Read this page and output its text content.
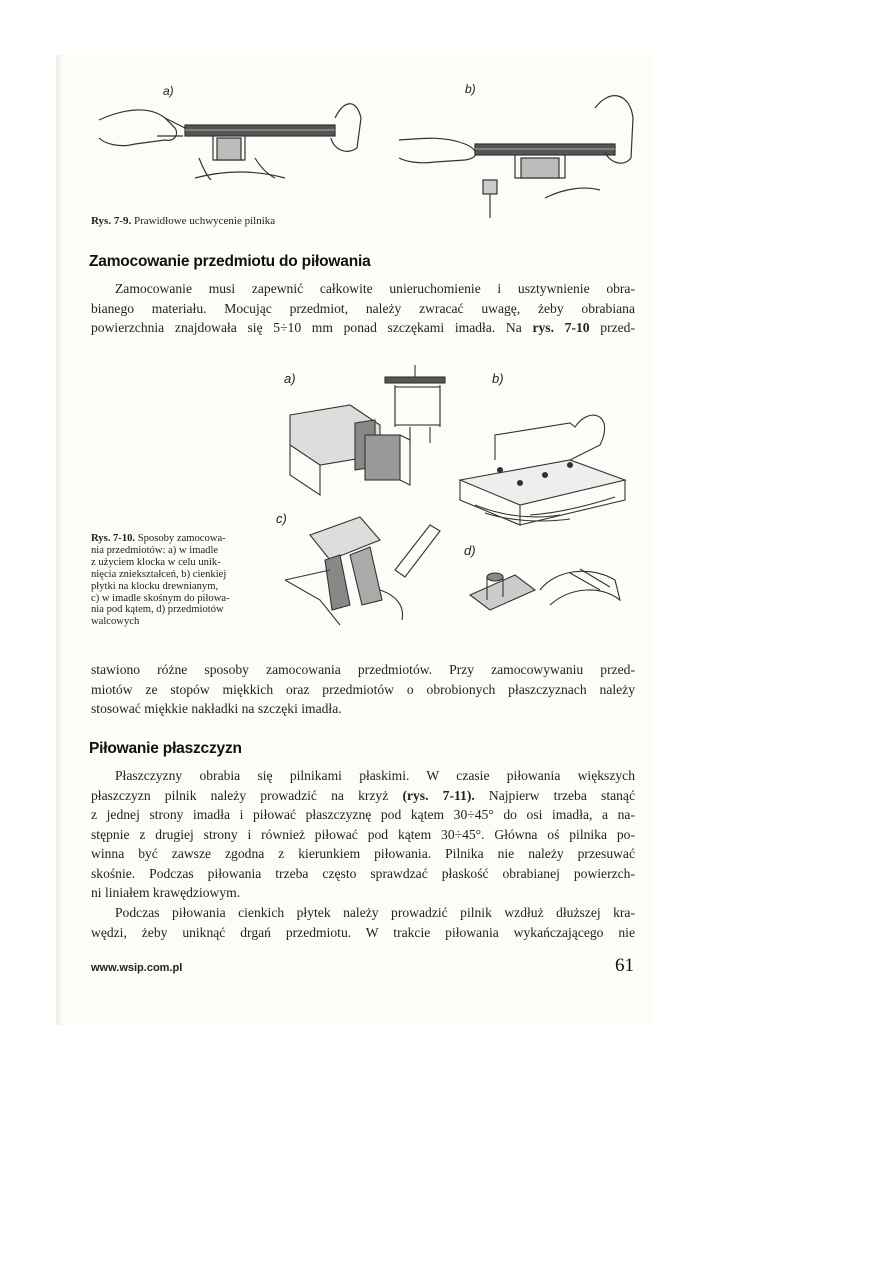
a)	b)
Rys. 7-9. Prawidłowe uchwycenie pilnika
Zamocowanie przedmiotu do piłowania
Zamocowanie musi zapewnić całkowite unieruchomienie i usztywnienie obra-
bianego materiału. Mocując przedmiot, należy zwracać uwagę, żeby obrabiana
powierzchnia znajdowała się 5÷10 mm ponad szczękami imadła. Na rys. 7-10 przed-
a)	b)
c)
d)
Rys. 7-10. Sposoby zamocowa-
nia przedmiotów: a) w imadle
z użyciem klocka w celu unik-
nięcia zniekształceń, b) cienkiej
płytki na klocku drewnianym,
c) w imadle skośnym do piłowa-
nia pod kątem, d) przedmiotów
walcowych
stawiono różne sposoby zamocowania przedmiotów. Przy zamocowywaniu przed-
miotów ze stopów miękkich oraz przedmiotów o obrobionych płaszczyznach należy
stosować miękkie nakładki na szczęki imadła.
Piłowanie płaszczyzn
Płaszczyzny obrabia się pilnikami płaskimi. W czasie piłowania większych
płaszczyzn pilnik należy prowadzić na krzyż (rys. 7-11). Najpierw trzeba stanąć
z jednej strony imadła i piłować płaszczyznę pod kątem 30÷45° do osi imadła, a na-
stępnie z drugiej strony i również piłować pod kątem 30÷45°. Główna oś pilnika po-
winna być zawsze zgodna z kierunkiem piłowania. Pilnika nie należy przesuwać
skośnie. Podczas piłowania trzeba często sprawdzać płaskość obrabianej powierzch-
ni liniałem krawędziowym.
Podczas piłowania cienkich płytek należy prowadzić pilnik wzdłuż dłuższej kra-
wędzi, żeby uniknąć drgań przedmiotu. W trakcie piłowania wykańczającego nie
www.wsip.com.pl	61
